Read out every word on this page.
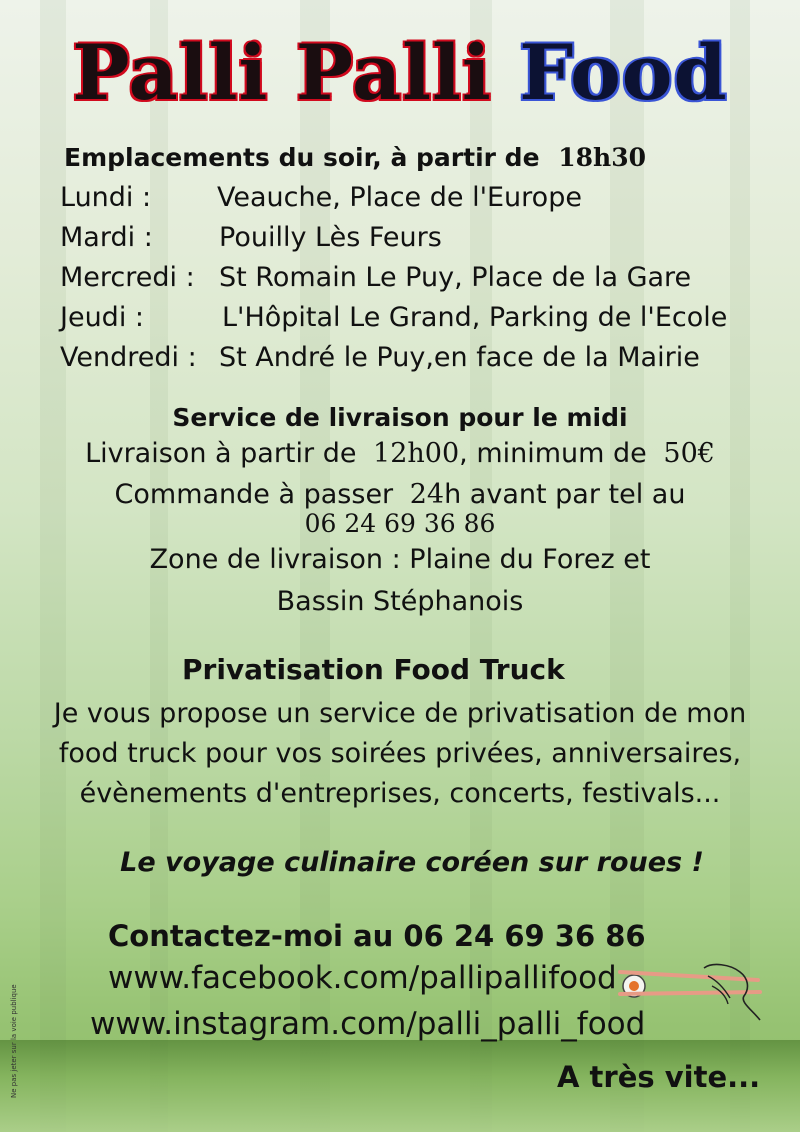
Palli Palli Food
Emplacements du soir, à partir de 18h30
Lundi : Veauche, Place de l'Europe
Mardi : Pouilly Lès Feurs
Mercredi : St Romain Le Puy, Place de la Gare
Jeudi :	L'Hôpital Le Grand, Parking de l'Ecole
Vendredi : St André le Puy,en face de la Mairie
Service de livraison pour le midi
Livraison à partir de 12h00, minimum de 50€
Commande à passer 24h avant par tel au
06 24 69 36 86
Zone de livraison : Plaine du Forez et
Bassin Stéphanois
Privatisation Food Truck
Je vous propose un service de privatisation de mon
food truck pour vos soirées privées, anniversaires,
évènements d'entreprises, concerts, festivals...
Le voyage culinaire coréen sur roues !
Contactez-moi au 06 24 69 36 86
www.facebook.com/pallipallifood
www.instagram.com/palli_palli_food
A très vite...
Ne pas jeter sur la voie publique
